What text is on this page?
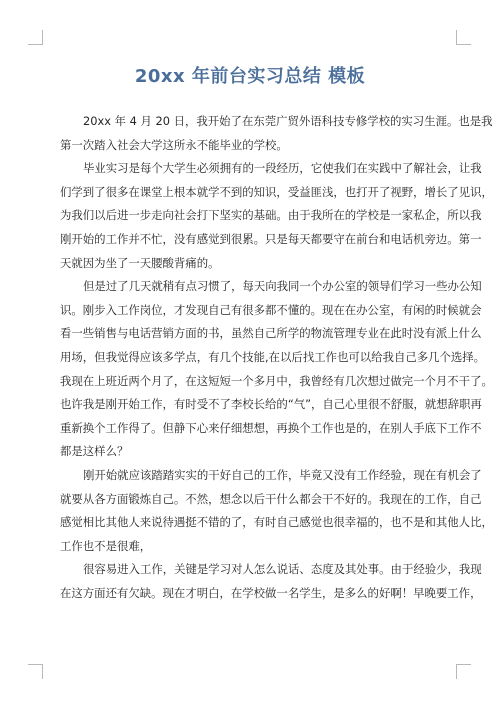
20xx 年前台实习总结 模板
20xx 年 4 月 20 日，我开始了在东莞广贸外语科技专修学校的实习生涯。也是我
第一次踏入社会大学这所永不能毕业的学校。
毕业实习是每个大学生必须拥有的一段经历，它使我们在实践中了解社会，让我
们学到了很多在课堂上根本就学不到的知识，受益匪浅，也打开了视野，增长了见识，
为我们以后进一步走向社会打下坚实的基础。由于我所在的学校是一家私企，所以我
刚开始的工作并不忙，没有感觉到很累。只是每天都要守在前台和电话机旁边。第一
天就因为坐了一天腰酸背痛的。
但是过了几天就稍有点习惯了，每天向我同一个办公室的领导们学习一些办公知
识。刚步入工作岗位，才发现自己有很多都不懂的。现在在办公室，有闲的时候就会
看一些销售与电话营销方面的书，虽然自己所学的物流管理专业在此时没有派上什么
用场，但我觉得应该多学点，有几个技能,在以后找工作也可以给我自己多几个选择。
我现在上班近两个月了，在这短短一个多月中，我曾经有几次想过做完一个月不干了。
也许我是刚开始工作，有时受不了李校长给的“气”，自己心里很不舒服，就想辞职再
重新换个工作得了。但静下心来仔细想想，再换个工作也是的，在别人手底下工作不
都是这样么？
刚开始就应该踏踏实实的干好自己的工作，毕竟又没有工作经验，现在有机会了
就要从各方面锻炼自己。不然，想念以后干什么都会干不好的。我现在的工作，自己
感觉相比其他人来说待遇挺不错的了，有时自己感觉也很幸福的，也不是和其他人比，
工作也不是很难，
很容易进入工作，关键是学习对人怎么说话、态度及其处事。由于经验少，我现
在这方面还有欠缺。现在才明白，在学校做一名学生，是多么的好啊！早晚要工作，
